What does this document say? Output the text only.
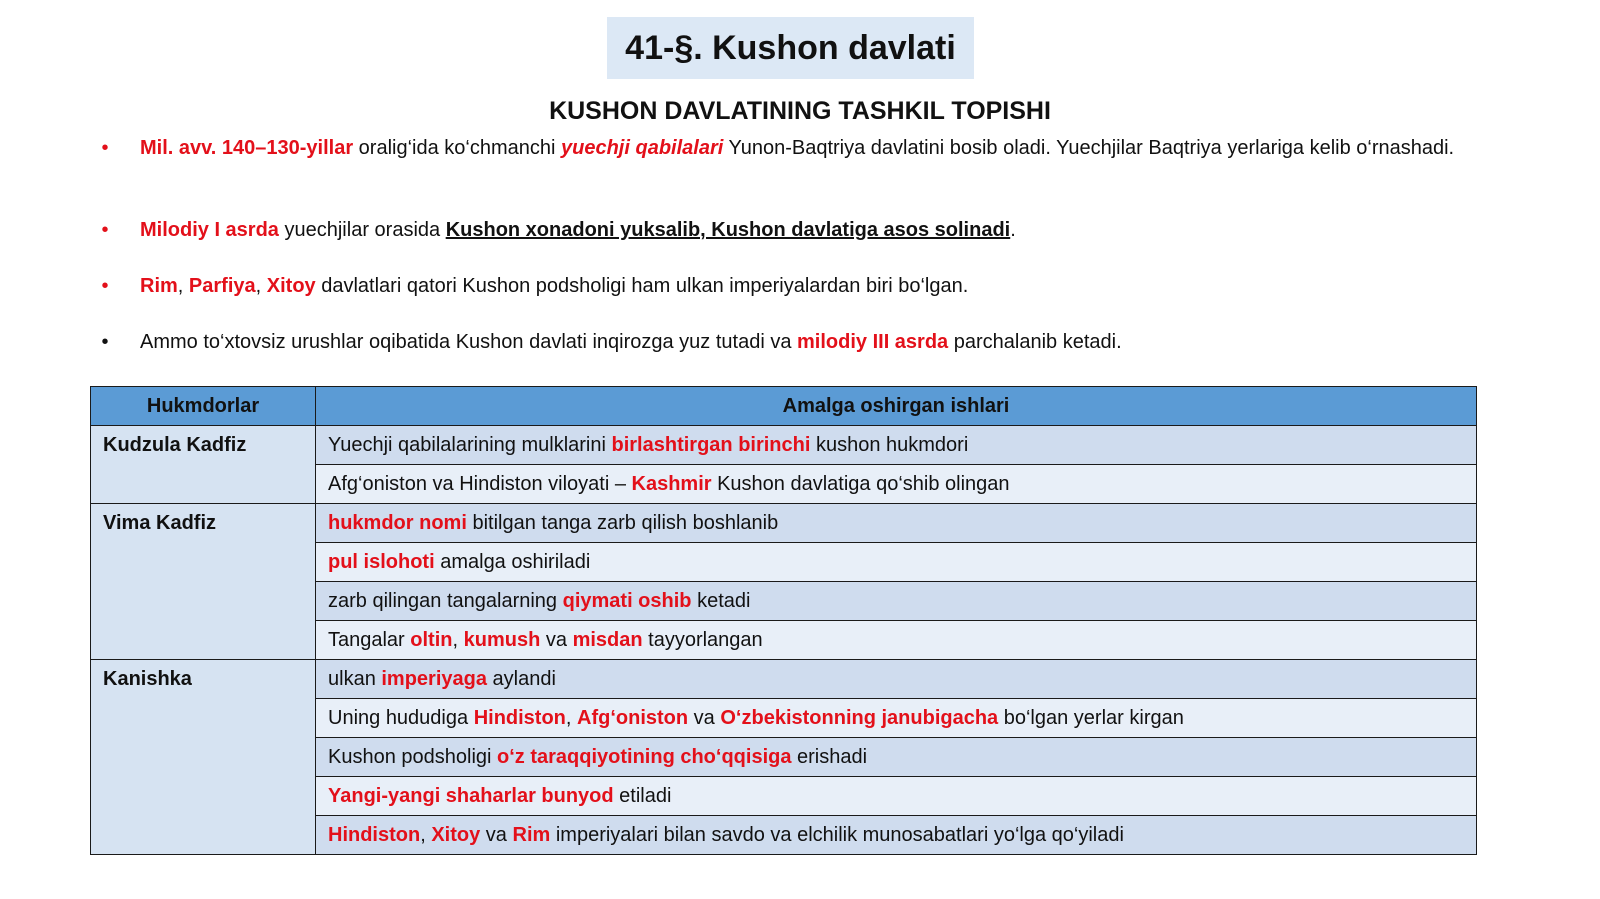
41-§. Kushon davlati
KUSHON DAVLATINING TASHKIL TOPISHI
• Mil. avv. 140–130-yillar oralig‘ida ko‘chmanchi yuechji qabilalari Yunon-Baqtriya davlatini bosib oladi. Yuechjilar Baqtriya yerlariga kelib o‘rnashadi.
• Milodiy I asrda yuechjilar orasida Kushon xonadoni yuksalib, Kushon davlatiga asos solinadi.
• Rim, Parfiya, Xitoy davlatlari qatori Kushon podsholigi ham ulkan imperiyalardan biri bo‘lgan.
• Ammo to‘xtovsiz urushlar oqibatida Kushon davlati inqirozga yuz tutadi va milodiy III asrda parchalanib ketadi.
Hukmdorlar	Amalga oshirgan ishlari
Kudzula Kadfiz	Yuechji qabilalarining mulklarini birlashtirgan birinchi kushon hukmdori
	Afg‘oniston va Hindiston viloyati – Kashmir Kushon davlatiga qo‘shib olingan
Vima Kadfiz	hukmdor nomi bitilgan tanga zarb qilish boshlanib
	pul islohoti amalga oshiriladi
	zarb qilingan tangalarning qiymati oshib ketadi
	Tangalar oltin, kumush va misdan tayyorlangan
Kanishka	ulkan imperiyaga aylandi
	Uning hududiga Hindiston, Afg‘oniston va O‘zbekistonning janubigacha bo‘lgan yerlar kirgan
	Kushon podsholigi o‘z taraqqiyotining cho‘qqisiga erishadi
	Yangi-yangi shaharlar bunyod etiladi
	Hindiston, Xitoy va Rim imperiyalari bilan savdo va elchilik munosabatlari yo‘lga qo‘yiladi
